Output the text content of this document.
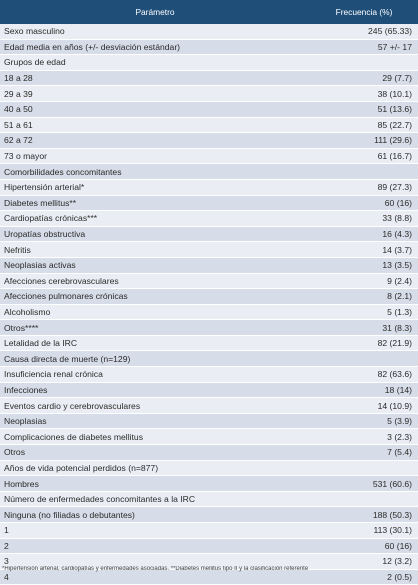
Parámetro	Frecuencia (%)
Sexo masculino	245 (65.33)
Edad media en años (+/- desviación estándar)	57 +/- 17
Grupos de edad	
18 a 28	29 (7.7)
29 a 39	38 (10.1)
40 a 50	51 (13.6)
51 a 61	85 (22.7)
62 a 72	111 (29.6)
73 o mayor	61 (16.7)
Comorbilidades concomitantes	
Hipertensión arterial*	89 (27.3)
Diabetes mellitus**	60 (16)
Cardiopatías crónicas***	33 (8.8)
Uropatías obstructiva	16 (4.3)
Nefritis	14 (3.7)
Neoplasias activas	13 (3.5)
Afecciones cerebrovasculares	9 (2.4)
Afecciones pulmonares crónicas	8 (2.1)
Alcoholismo	5 (1.3)
Otros****	31 (8.3)
Letalidad de la IRC	82 (21.9)
Causa directa de muerte (n=129)	
Insuficiencia renal crónica	82 (63.6)
Infecciones	18 (14)
Eventos cardio y cerebrovasculares	14 (10.9)
Neoplasias	5 (3.9)
Complicaciones de diabetes mellitus	3 (2.3)
Otros	7 (5.4)
Años de vida potencial perdidos (n=877)	
Hombres	531 (60.6)
Número de enfermedades concomitantes a la IRC	
Ninguna (no filiadas o debutantes)	188 (50.3)
1	113 (30.1)
2	60 (16)
3	12 (3.2)
4	2 (0.5)
*Hipertensión arterial, cardiopatías y enfermedades asociadas. **Diabetes mellitus tipo II y la clasificación referente
